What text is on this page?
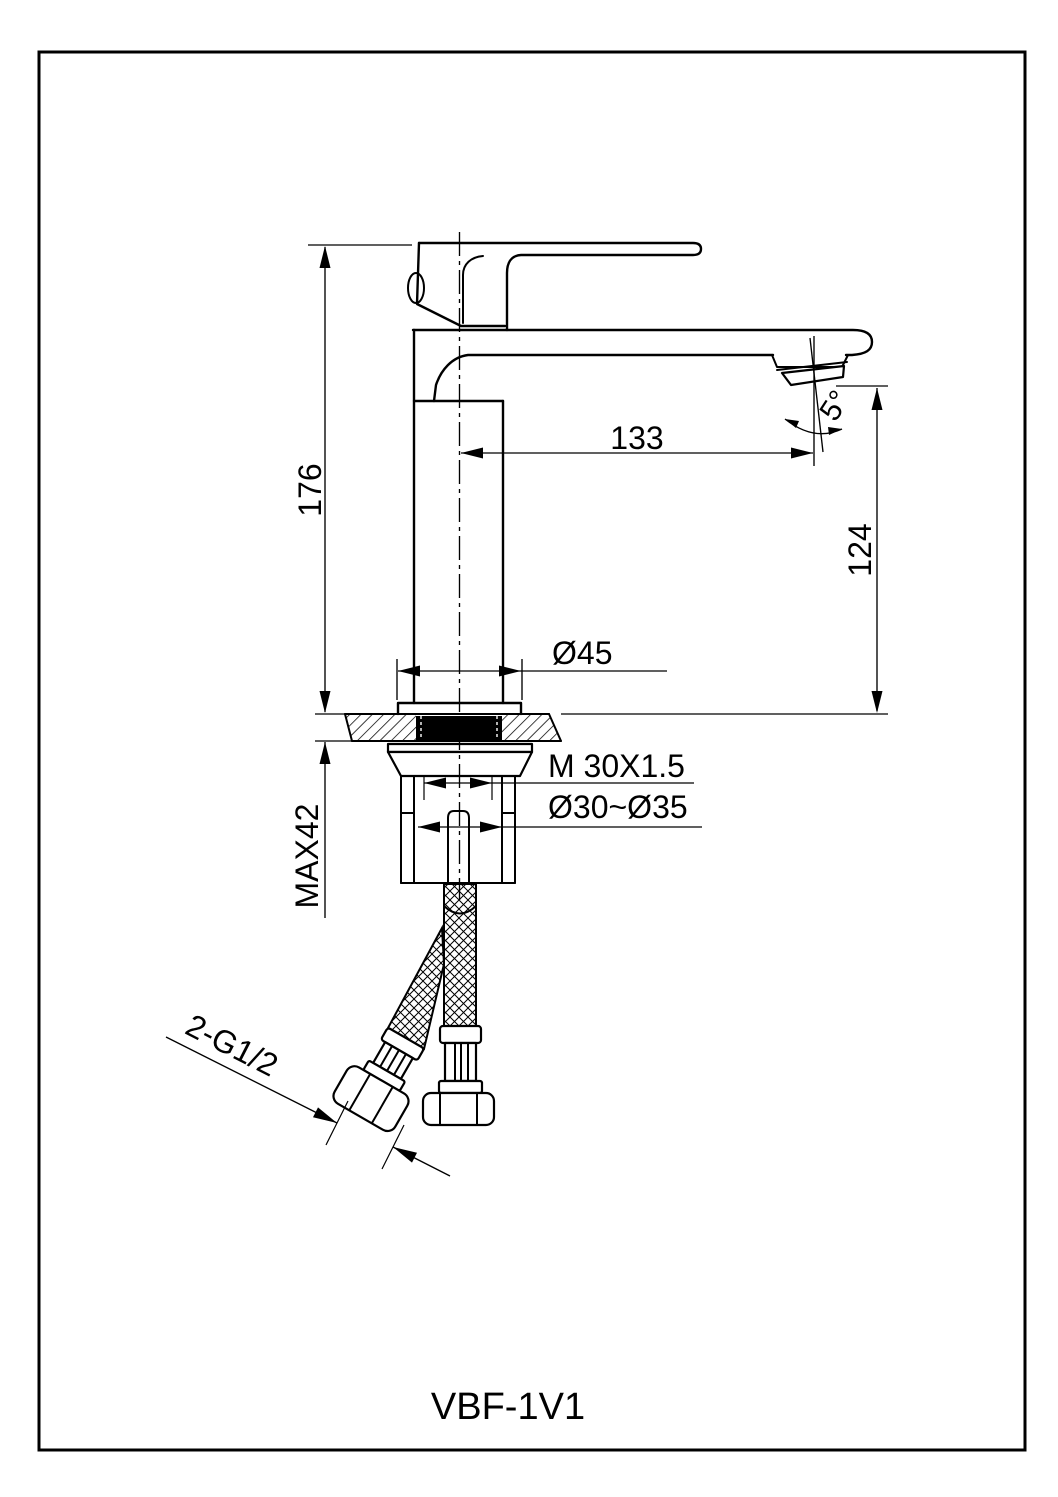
176
133
124
5°
Ø45
MAX42
M 30X1.5
Ø30~Ø35
2-G1/2
VBF-1V1
